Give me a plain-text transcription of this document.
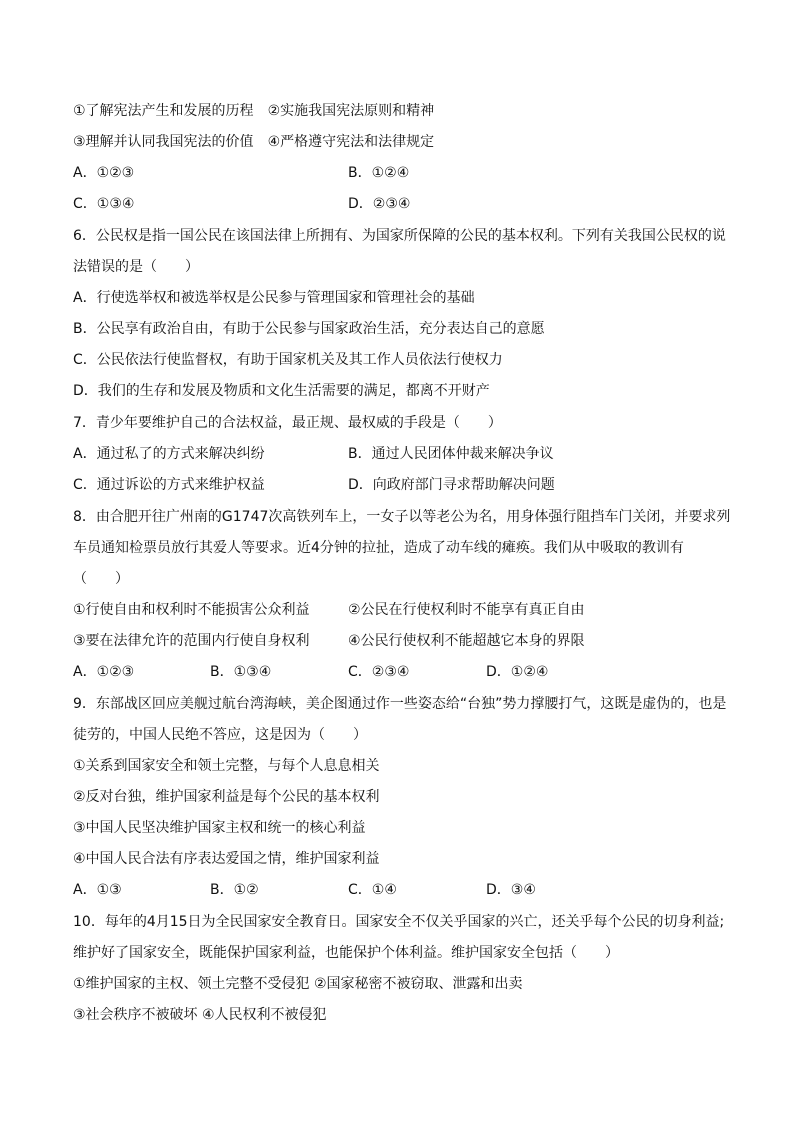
①了解宪法产生和发展的历程 ②实施我国宪法原则和精神
③理解并认同我国宪法的价值 ④严格遵守宪法和法律规定
A．①②③	B．①②④
C．①③④	D．②③④
6．公民权是指一国公民在该国法律上所拥有、为国家所保障的公民的基本权利。下列有关我国公民权的说
法错误的是（　　）
A．行使选举权和被选举权是公民参与管理国家和管理社会的基础
B．公民享有政治自由，有助于公民参与国家政治生活，充分表达自己的意愿
C．公民依法行使监督权，有助于国家机关及其工作人员依法行使权力
D．我们的生存和发展及物质和文化生活需要的满足，都离不开财产
7．青少年要维护自己的合法权益，最正规、最权威的手段是（　　）
A．通过私了的方式来解决纠纷	B．通过人民团体仲裁来解决争议
C．通过诉讼的方式来维护权益	D．向政府部门寻求帮助解决问题
8．由合肥开往广州南的G1747次高铁列车上，一女子以等老公为名，用身体强行阻挡车门关闭，并要求列
车员通知检票员放行其爱人等要求。近4分钟的拉扯，造成了动车线的瘫痪。我们从中吸取的教训有
（　　）
①行使自由和权利时不能损害公众利益	②公民在行使权利时不能享有真正自由
③要在法律允许的范围内行使自身权利	④公民行使权利不能超越它本身的界限
A．①②③	B．①③④	C．②③④	D．①②④
9．东部战区回应美舰过航台湾海峡，美企图通过作一些姿态给“台独”势力撑腰打气，这既是虚伪的，也是
徒劳的，中国人民绝不答应，这是因为（　　）
①关系到国家安全和领土完整，与每个人息息相关
②反对台独，维护国家利益是每个公民的基本权利
③中国人民坚决维护国家主权和统一的核心利益
④中国人民合法有序表达爱国之情，维护国家利益
A．①③	B．①②	C．①④	D．③④
10．每年的4月15日为全民国家安全教育日。国家安全不仅关乎国家的兴亡，还关乎每个公民的切身利益;
维护好了国家安全，既能保护国家利益，也能保护个体利益。维护国家安全包括（　　）
①维护国家的主权、领土完整不受侵犯 ②国家秘密不被窃取、泄露和出卖
③社会秩序不被破坏 ④人民权利不被侵犯
